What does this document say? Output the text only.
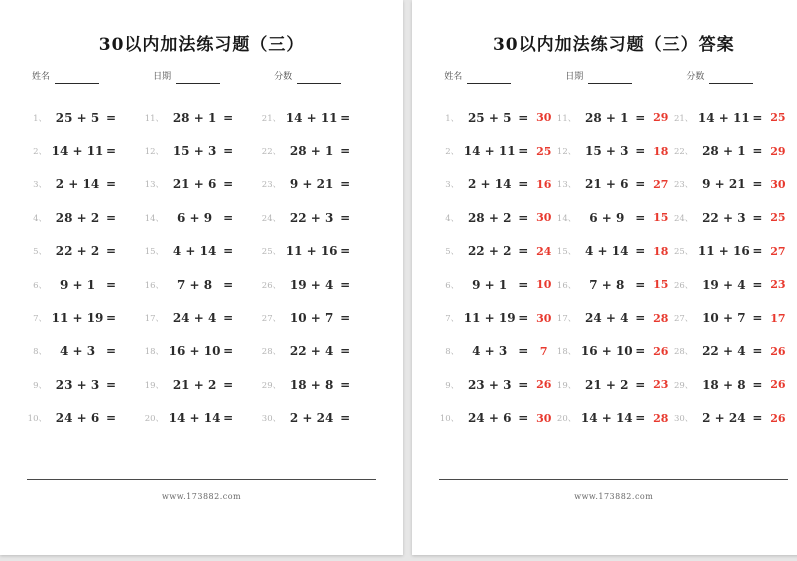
30以内加法练习题（三）
姓名	日期	分数
1、 25 + 5 =
2、 14 + 11 =
3、 2 + 14 =
4、 28 + 2 =
5、 22 + 2 =
6、	9 + 1 =
7、 11 + 19 =
8、	4 + 3 =
9、 23 + 3 =
10、 24 + 6 =
11、 28 + 1 =
12、 15 + 3 =
13、 21 + 6 =
14、	6 + 9 =
15、 4 + 14 =
16、	7 + 8 =
17、 24 + 4 =
18、 16 + 10 =
19、 21 + 2 =
20、 14 + 14 =
21、 14 + 11 =
22、 28 + 1 =
23、 9 + 21 =
24、 22 + 3 =
25、 11 + 16 =
26、 19 + 4 =
27、 10 + 7 =
28、 22 + 4 =
29、 18 + 8 =
30、 2 + 24 =
www.173882.com
30以内加法练习题（三）答案
姓名	日期	分数
1、 25 + 5 = 30
2、 14 + 11 = 25
3、 2 + 14 = 16
4、 28 + 2 = 30
5、 22 + 2 = 24
6、	9 + 1 = 10
7、 11 + 19 = 30
8、	4 + 3 =	7
9、 23 + 3 = 26
10、 24 + 6 = 30
11、 28 + 1 = 29
12、 15 + 3 = 18
13、 21 + 6 = 27
14、	6 + 9 = 15
15、 4 + 14 = 18
16、	7 + 8 = 15
17、 24 + 4 = 28
18、 16 + 10 = 26
19、 21 + 2 = 23
20、 14 + 14 = 28
21、 14 + 11 = 25
22、 28 + 1 = 29
23、 9 + 21 = 30
24、 22 + 3 = 25
25、 11 + 16 = 27
26、 19 + 4 = 23
27、 10 + 7 = 17
28、 22 + 4 = 26
29、 18 + 8 = 26
30、 2 + 24 = 26
www.173882.com
